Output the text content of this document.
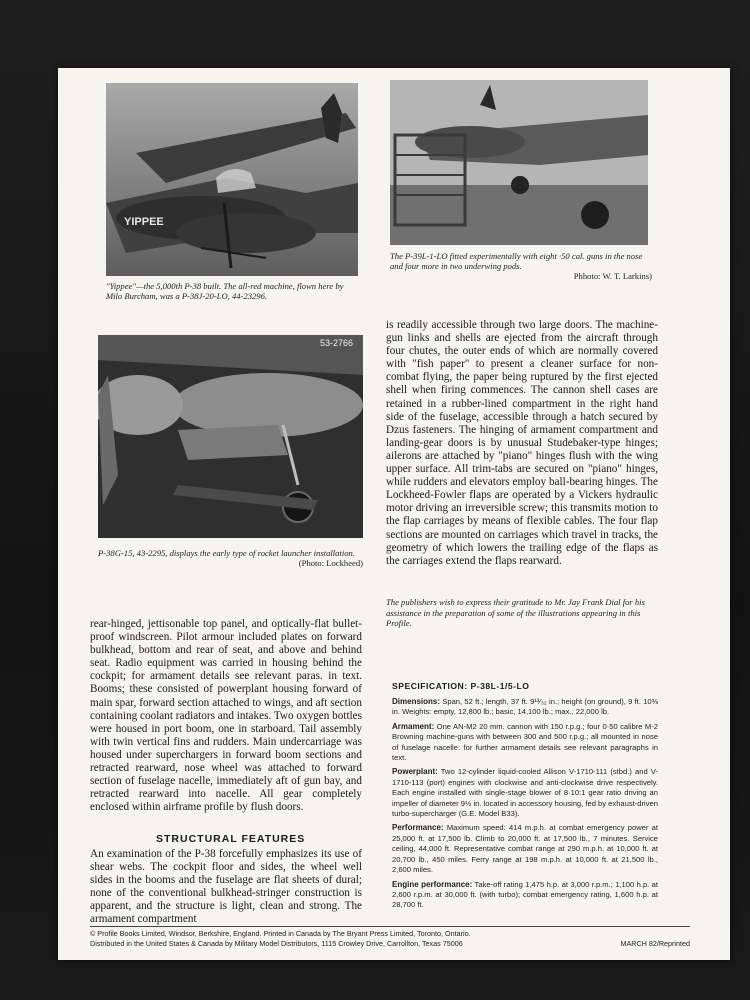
YIPPEE
"Yippee"—the 5,000th P-38 built. The all-red machine, flown here by Milo Burcham, was a P-38J-20-LO, 44-23296.
The P-39L-1-LO fitted experimentally with eight ·50 cal. guns in the nose and four more in two underwing pods.

Phhoto: W. T. Larkins)
53-2766
P-38G-15, 43-2295, displays the early type of rocket launcher installation.
(Photo: Lockheed)
is readily accessible through two large doors. The machine-gun links and shells are ejected from the aircraft through four chutes, the outer ends of which are normally covered with "fish paper" to present a cleaner surface for non-combat flying, the paper being ruptured by the first ejected shell when firing commences. The cannon shell cases are retained in a rubber-lined compartment in the right hand side of the fuselage, accessible through a hatch secured by Dzus fasteners. The hinging of armament compartment and landing-gear doors is by unusual Studebaker-type hinges; ailerons are attached by "piano" hinges flush with the wing upper surface. All trim-tabs are secured on "piano" hinges, while rudders and elevators employ ball-bearing hinges. The Lockheed-Fowler flaps are operated by a Vickers hydraulic motor driving an irreversible screw; this transmits motion to the flap carriages by means of flexible cables. The four flap sections are mounted on carriages which travel in tracks, the geometry of which lowers the trailing edge of the flaps as the carriages extend the flaps rearward.
The publishers wish to express their gratitude to Mr. Jay Frank Dial for his assistance in the preparation of some of the illustrations appearing in this Profile.
rear-hinged, jettisonable top panel, and optically-flat bullet-proof windscreen. Pilot armour included plates on forward bulkhead, bottom and rear of seat, and above and behind seat. Radio equipment was carried in housing behind the cockpit; for armament details see relevant paras. in text. Booms; these consisted of powerplant housing forward of main spar, forward section attached to wings, and aft section containing coolant radiators and intakes. Two oxygen bottles were housed in port boom, one in starboard. Tail assembly with twin vertical fins and rudders. Main undercarriage was housed under superchargers in forward boom sections and retracted rearward, nose wheel was attached to forward section of fuselage nacelle, immediately aft of gun bay, and retracted rearward into nacelle. All gear completely enclosed within airframe profile by flush doors.
STRUCTURAL FEATURES
An examination of the P-38 forcefully emphasizes its use of shear webs. The cockpit floor and sides, the wheel well sides in the booms and the fuselage are flat sheets of dural; none of the conventional bulkhead-stringer construction is apparent, and the structure is light, clean and strong. The armament compartment
SPECIFICATION: P-38L-1/5-LO

Dimensions: Span, 52 ft.; length, 37 ft. 9¹³⁄₃₂ in.; height (on ground), 9 ft. 10⅜ in. Weights: empty, 12,800 lb.; basic, 14,100 lb.; max., 22,000 lb.

Armament: One AN-M2 20 mm. cannon with 150 r.p.g.; four 0·50 calibre M-2 Browning machine-guns with between 300 and 500 r.p.g.; all mounted in nose of fuselage nacelle: for further armament details see relevant paragraphs in text.

Powerplant: Two 12-cylinder liquid-cooled Allison V-1710-111 (stbd.) and V-1710-113 (port) engines with clockwise and anti-clockwise drive respectively. Each engine installed with single-stage blower of 8·10:1 gear ratio driving an impeller of diameter 9½ in. located in accessory housing, fed by exhaust-driven turbo-supercharger (G.E. Model B33).

Performance: Maximum speed: 414 m.p.h. at combat emergency power at 25,000 ft. at 17,500 lb. Climb to 20,000 ft. at 17,500 lb., 7 minutes. Service ceiling, 44,000 ft. Representative combat range at 290 m.p.h. at 10,000 ft. at 20,700 lb., 450 miles. Ferry range at 198 m.p.h. at 10,000 ft. at 21,500 lb., 2,600 miles.

Engine performance: Take-off rating 1,475 h.p. at 3,000 r.p.m.; 1,100 h.p. at 2,600 r.p.m. at 30,000 ft. (with turbo); combat emergency rating, 1,600 h.p. at 28,700 ft.

© Profile Books Limited, Windsor, Berkshire, England. Printed in Canada by The Bryant Press Limited, Toronto, Ontario.
Distributed in the United States & Canada by Military Model Distributors, 1115 Crowley Drive, Carrollton, Texas 75006	MARCH 82/Reprinted
